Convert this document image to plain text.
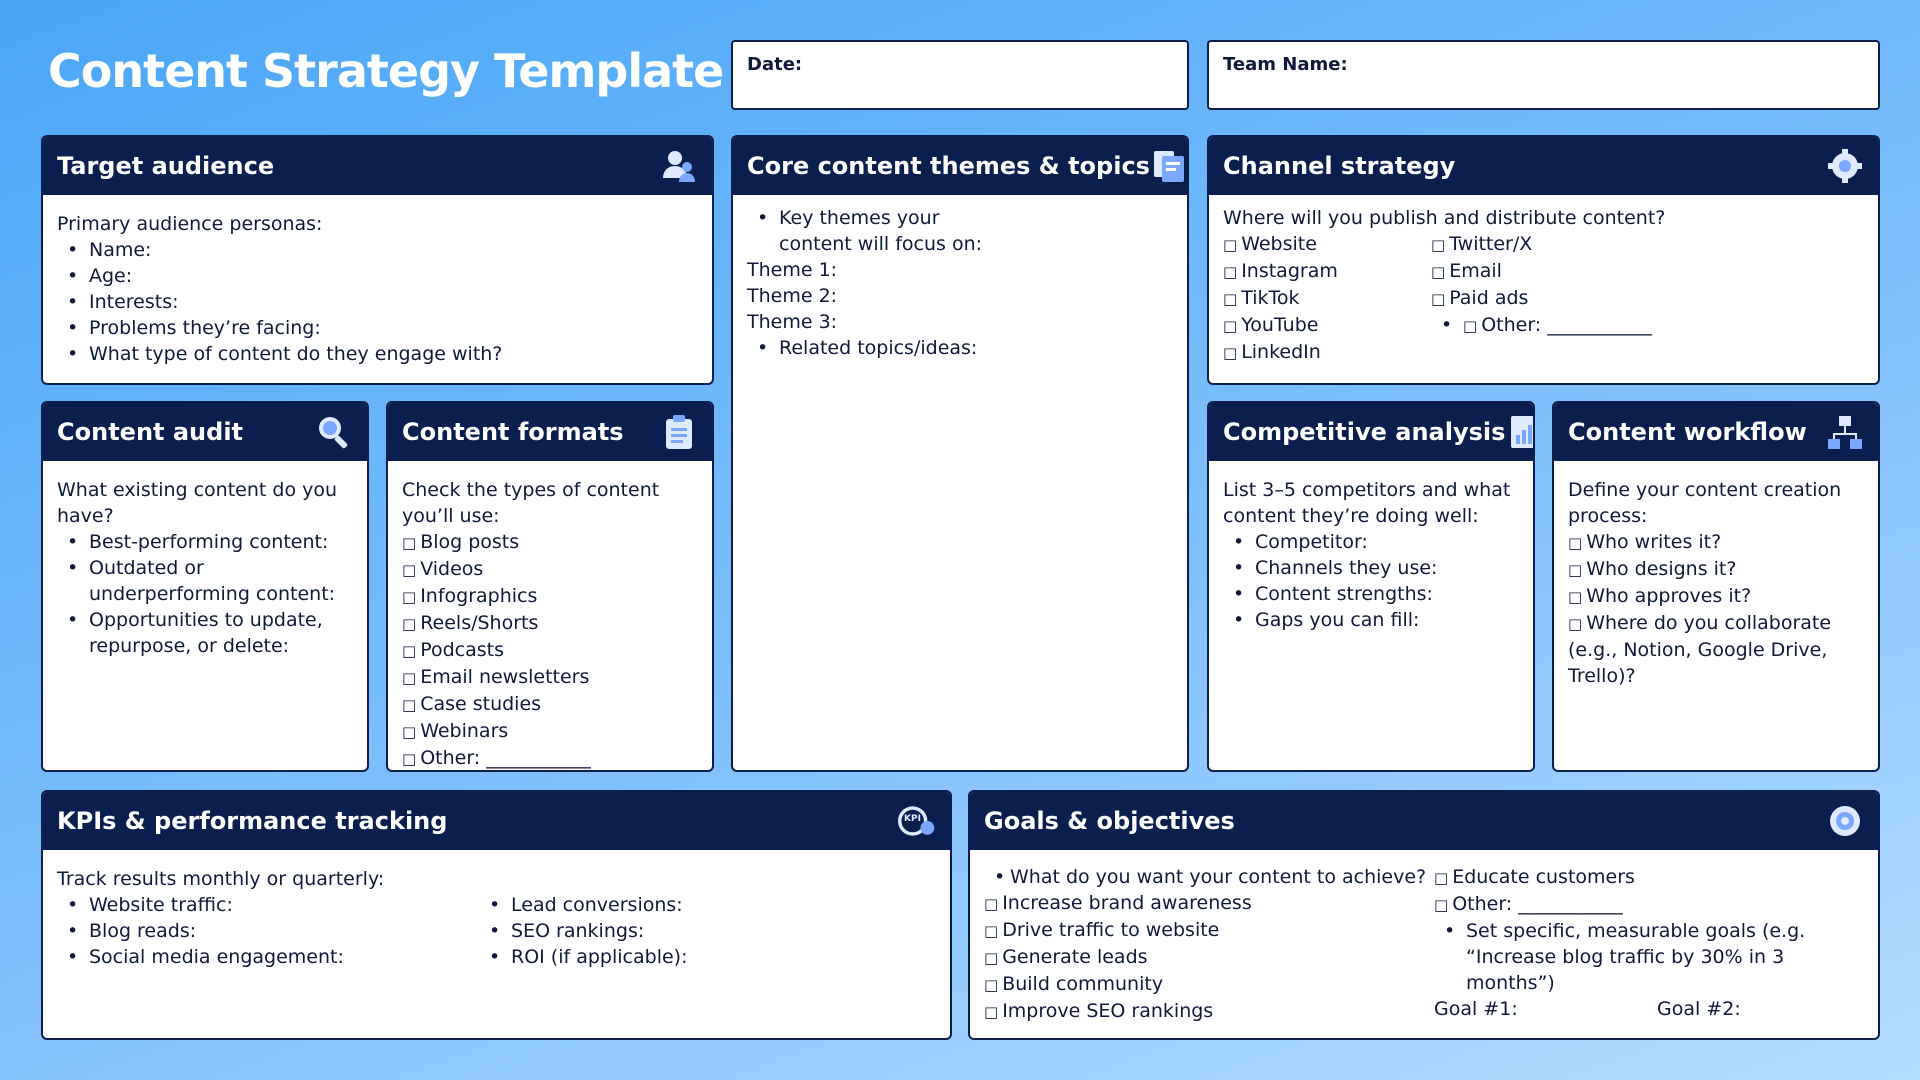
Content Strategy Template	Date:	Team Name:
Target audience
Primary audience personas:
• Name:
• Age:
• Interests:
• Problems they’re facing:
• What type of content do they engage with?
Core content themes & topics
• Key themes your
content will focus on:
Theme 1:
Theme 2:
Theme 3:
• Related topics/ideas:
Channel strategy
Where will you publish and distribute content?
□ Website
□ Instagram
□ TikTok
□ YouTube
□ LinkedIn
□ Twitter/X
□ Email
□ Paid ads
• □ Other: ___________
Content audit
What existing content do you have?
• Best-performing content:
• Outdated or underperforming content:
• Opportunities to update, repurpose, or delete:
Content formats
Check the types of content you’ll use:
□ Blog posts
□ Videos
□ Infographics
□ Reels/Shorts
□ Podcasts
□ Email newsletters
□ Case studies
□ Webinars
□ Other: ___________
Competitive analysis
List 3–5 competitors and what content they’re doing well:
• Competitor:
• Channels they use:
• Content strengths:
• Gaps you can fill:
Content workflow
Define your content creation process:
□ Who writes it?
□ Who designs it?
□ Who approves it?
□ Where do you collaborate (e.g., Notion, Google Drive, Trello)?
KPIs & performance tracking	KPI
Track results monthly or quarterly:
• Website traffic:
• Blog reads:
• Social media engagement:
• Lead conversions:
• SEO rankings:
• ROI (if applicable):
Goals & objectives
• What do you want your content to achieve?
□ Increase brand awareness
□ Drive traffic to website
□ Generate leads
□ Build community
□ Improve SEO rankings
□ Educate customers
□ Other: ___________
• Set specific, measurable goals (e.g. “Increase blog traffic by 30% in 3 months”)
Goal #1:	Goal #2:
